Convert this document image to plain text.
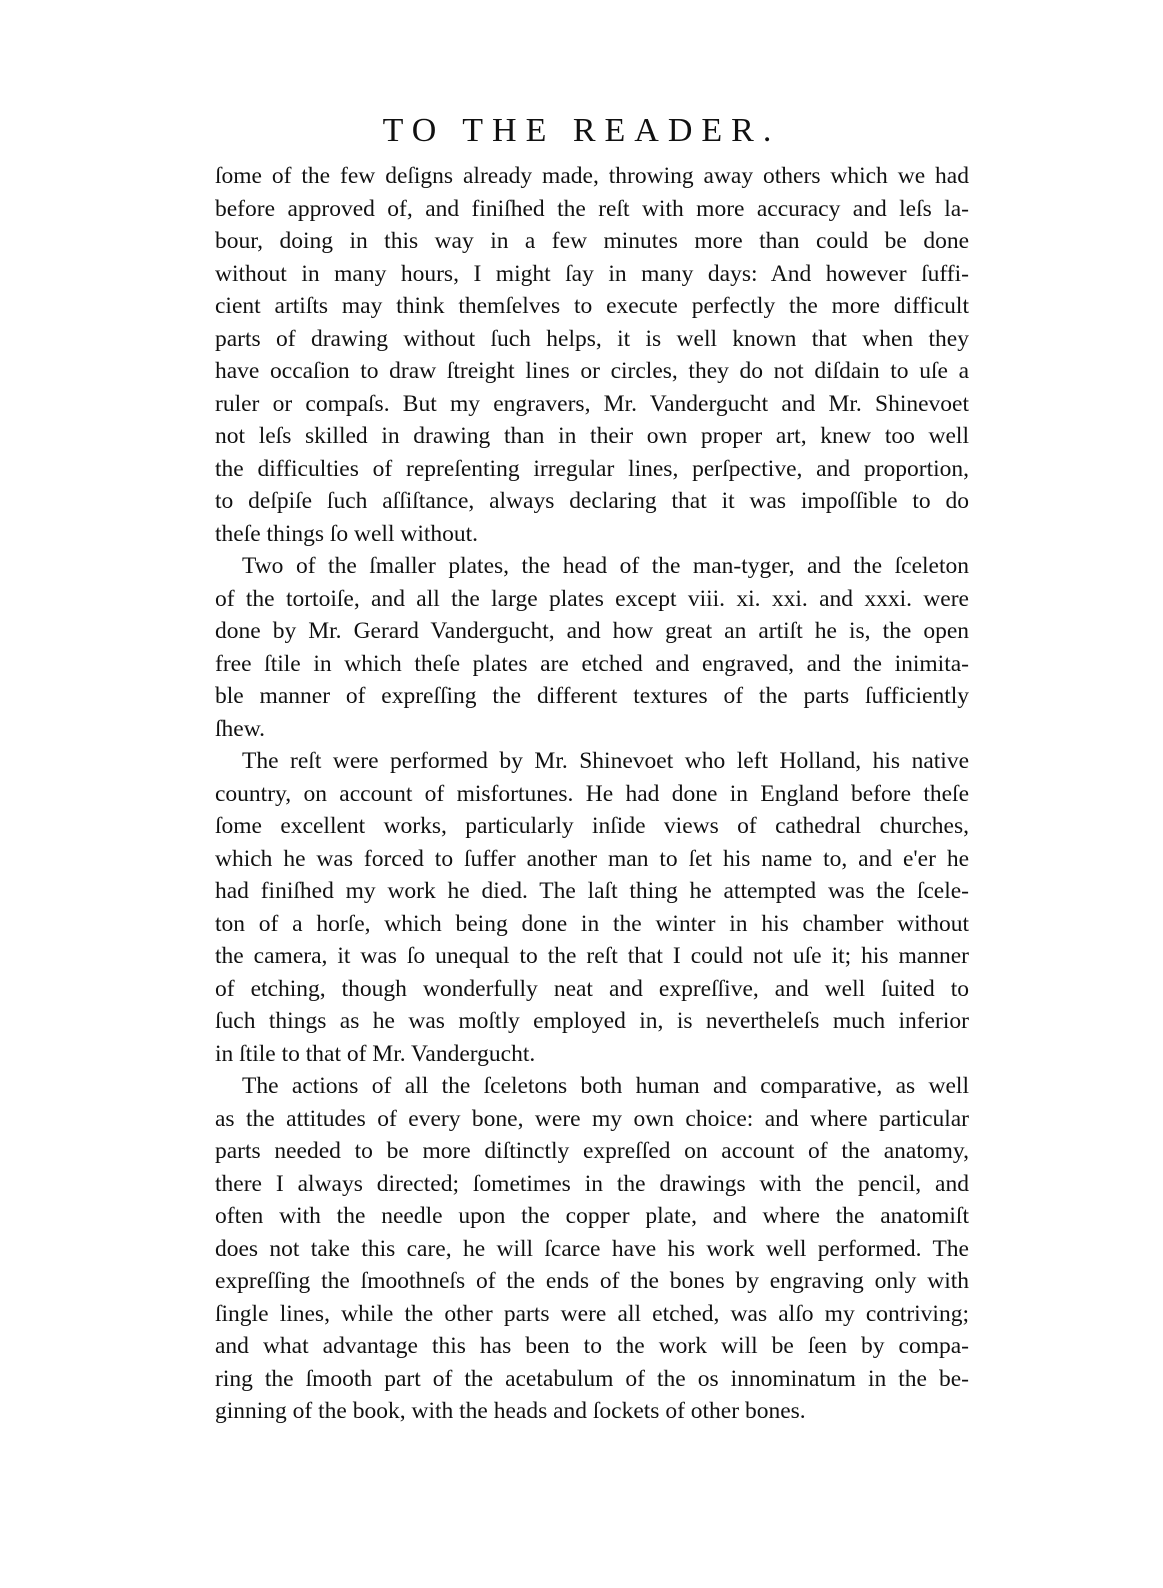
TO THE READER.

ſome of the few deſigns already made, throwing away others which we had
before approved of, and finiſhed the reſt with more accuracy and leſs la-
bour, doing in this way in a few minutes more than could be done
without in many hours, I might ſay in many days: And however ſuffi-
cient artiſts may think themſelves to execute perfectly the more difficult
parts of drawing without ſuch helps, it is well known that when they
have occaſion to draw ſtreight lines or circles, they do not diſdain to uſe a
ruler or compaſs. But my engravers, Mr. Vandergucht and Mr. Shinevoet
not leſs skilled in drawing than in their own proper art, knew too well
the difficulties of repreſenting irregular lines, perſpective, and proportion,
to deſpiſe ſuch aſſiſtance, always declaring that it was impoſſible to do
theſe things ſo well without.

Two of the ſmaller plates, the head of the man-tyger, and the ſceleton
of the tortoiſe, and all the large plates except viii. xi. xxi. and xxxi. were
done by Mr. Gerard Vandergucht, and how great an artiſt he is, the open
free ſtile in which theſe plates are etched and engraved, and the inimita-
ble manner of expreſſing the different textures of the parts ſufficiently
ſhew.

The reſt were performed by Mr. Shinevoet who left Holland, his native
country, on account of misfortunes. He had done in England before theſe
ſome excellent works, particularly inſide views of cathedral churches,
which he was forced to ſuffer another man to ſet his name to, and e'er he
had finiſhed my work he died. The laſt thing he attempted was the ſcele-
ton of a horſe, which being done in the winter in his chamber without
the camera, it was ſo unequal to the reſt that I could not uſe it; his manner
of etching, though wonderfully neat and expreſſive, and well ſuited to
ſuch things as he was moſtly employed in, is nevertheleſs much inferior
in ſtile to that of Mr. Vandergucht.

The actions of all the ſceletons both human and comparative, as well
as the attitudes of every bone, were my own choice: and where particular
parts needed to be more diſtinctly expreſſed on account of the anatomy,
there I always directed; ſometimes in the drawings with the pencil, and
often with the needle upon the copper plate, and where the anatomiſt
does not take this care, he will ſcarce have his work well performed. The
expreſſing the ſmoothneſs of the ends of the bones by engraving only with
ſingle lines, while the other parts were all etched, was alſo my contriving;
and what advantage this has been to the work will be ſeen by compa-
ring the ſmooth part of the acetabulum of the os innominatum in the be-
ginning of the book, with the heads and ſockets of other bones.
